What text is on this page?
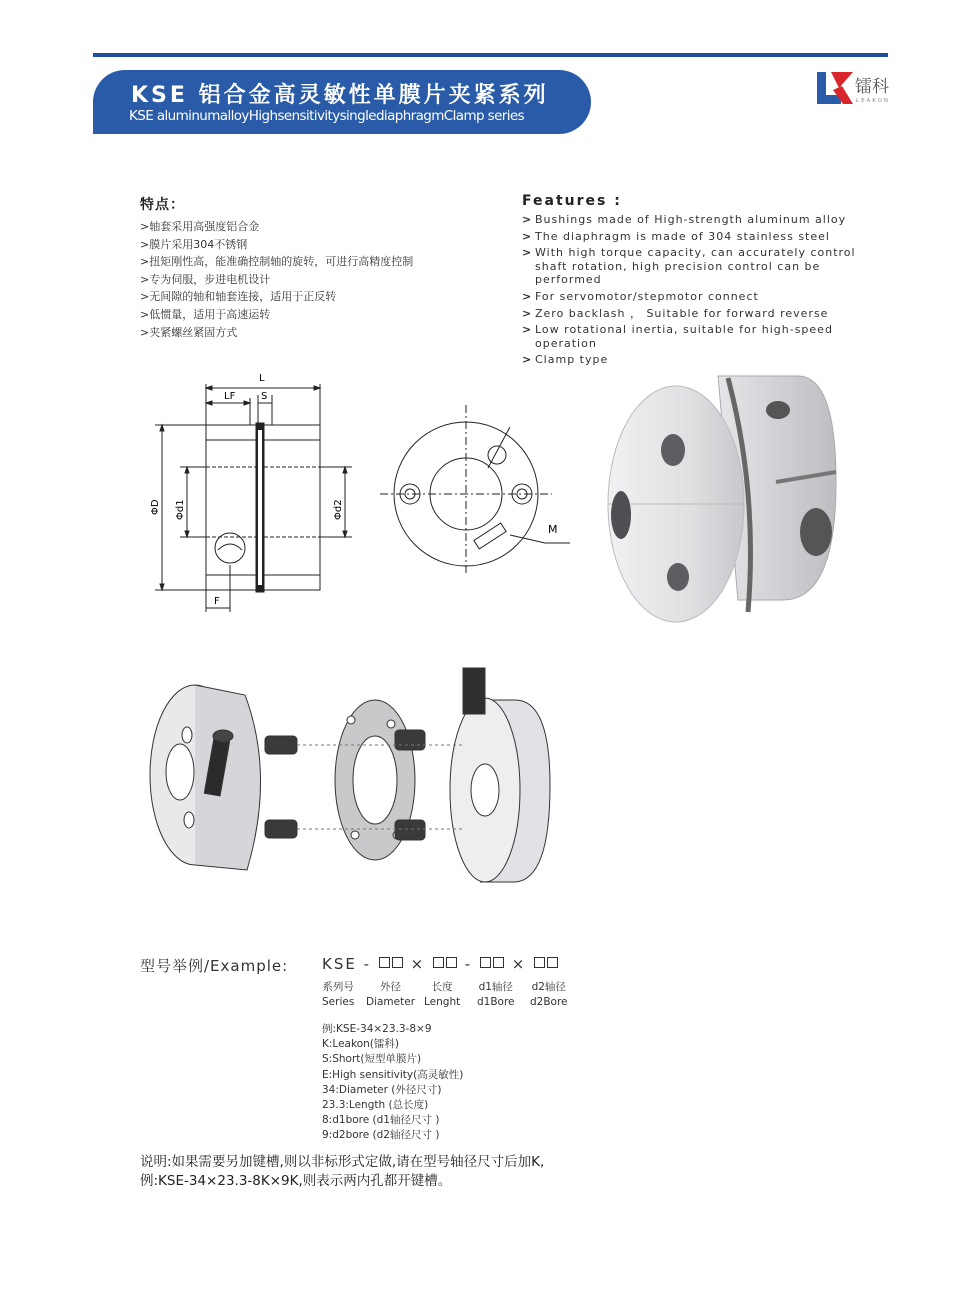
KSE 铝合金高灵敏性单膜片夹紧系列
KSE aluminumalloyHighsensitivitysinglediaphragmClamp series
镭科
LEAKON
特点：
>轴套采用高强度铝合金
>膜片采用304不锈钢
>扭矩刚性高，能准确控制轴的旋转，可进行高精度控制
>专为伺服，步进电机设计
>无间隙的轴和轴套连接，适用于正反转
>低惯量，适用于高速运转
>夹紧螺丝紧固方式
Features :
> Bushings made of High-strength aluminum alloy
> The diaphragm is made of 304 stainless steel
> With high torque capacity, can accurately control shaft rotation, high precision control can be performed
> For servomotor/stepmotor connect
> Zero backlash ， Suitable for forward reverse
> Low rotational inertia, suitable for high-speed operation
> Clamp type
L
LF	S
F
ΦD Φd1	Φd2
M
型号举例/Example: KSE -	×	-	×
系列号
Series
外径
Diameter
长度
Lenght
d1轴径
d1Bore
d2轴径
d2Bore
例:KSE-34×23.3-8×9
K:Leakon(镭科)
S:Short(短型单膜片)
E:High sensitivity(高灵敏性)
34:Diameter (外径尺寸)
23.3:Length (总长度)
8:d1bore (d1轴径尺寸 )
9:d2bore (d2轴径尺寸 )
说明:如果需要另加键槽,则以非标形式定做,请在型号轴径尺寸后加K,
例:KSE-34×23.3-8K×9K,则表示两内孔都开键槽。
